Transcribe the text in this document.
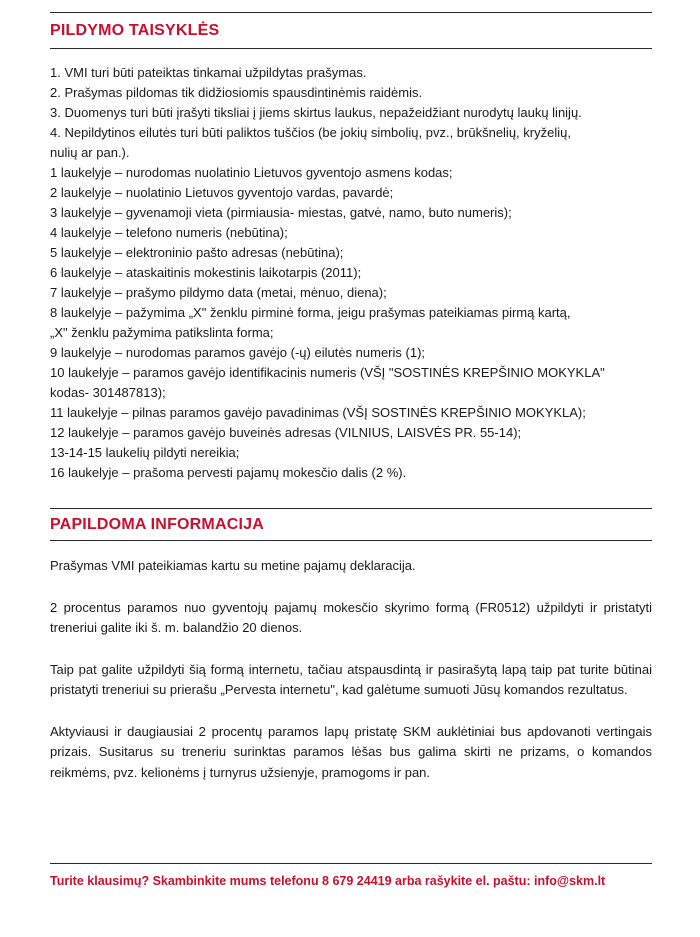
PILDYMO TAISYKLĖS
1. VMI turi būti pateiktas tinkamai užpildytas prašymas.
2. Prašymas pildomas tik didžiosiomis spausdintinėmis raidėmis.
3. Duomenys turi būti įrašyti tiksliai į jiems skirtus laukus, nepažeidžiant nurodytų laukų linijų.
4. Nepildytinos eilutės turi būti paliktos tuščios (be jokių simbolių, pvz., brūkšnelių, kryželių,
nulių ar pan.).
1 laukelyje – nurodomas nuolatinio Lietuvos gyventojo asmens kodas;
2 laukelyje – nuolatinio Lietuvos gyventojo vardas, pavardė;
3 laukelyje – gyvenamoji vieta (pirmiausia- miestas, gatvė, namo, buto numeris);
4 laukelyje – telefono numeris (nebūtina);
5 laukelyje – elektroninio pašto adresas (nebūtina);
6 laukelyje – ataskaitinis mokestinis laikotarpis (2011);
7 laukelyje – prašymo pildymo data (metai, mėnuo, diena);
8 laukelyje – pažymima „X" ženklu pirminė forma, jeigu prašymas pateikiamas pirmą kartą,
„X" ženklu pažymima patikslinta forma;
9 laukelyje – nurodomas paramos gavėjo (-ų) eilutės numeris (1);
10 laukelyje – paramos gavėjo identifikacinis numeris (VŠĮ "SOSTINĖS KREPŠINIO MOKYKLA"
kodas- 301487813);
11 laukelyje – pilnas paramos gavėjo pavadinimas (VŠĮ SOSTINĖS KREPŠINIO MOKYKLA);
12 laukelyje – paramos gavėjo buveinės adresas (VILNIUS, LAISVĖS PR. 55-14);
13-14-15 laukelių pildyti nereikia;
16 laukelyje – prašoma pervesti pajamų mokesčio dalis (2 %).
PAPILDOMA INFORMACIJA

Prašymas VMI pateikiamas kartu su metine pajamų deklaracija.

2 procentus paramos nuo gyventojų pajamų mokesčio skyrimo formą (FR0512) užpildyti ir pristatyti treneriui galite iki š. m. balandžio 20 dienos.

Taip pat galite užpildyti šią formą internetu, tačiau atspausdintą ir pasirašytą lapą taip pat turite būtinai pristatyti treneriui su prierašu „Pervesta internetu", kad galėtume sumuoti Jūsų komandos rezultatus.

Aktyviausi ir daugiausiai 2 procentų paramos lapų pristatę SKM auklėtiniai bus apdovanoti vertingais prizais. Susitarus su treneriu surinktas paramos lėšas bus galima skirti ne prizams, o komandos reikmėms, pvz. kelionėms į turnyrus užsienyje, pramogoms ir pan.

Turite klausimų? Skambinkite mums telefonu 8 679 24419 arba rašykite el. paštu: info@skm.lt
